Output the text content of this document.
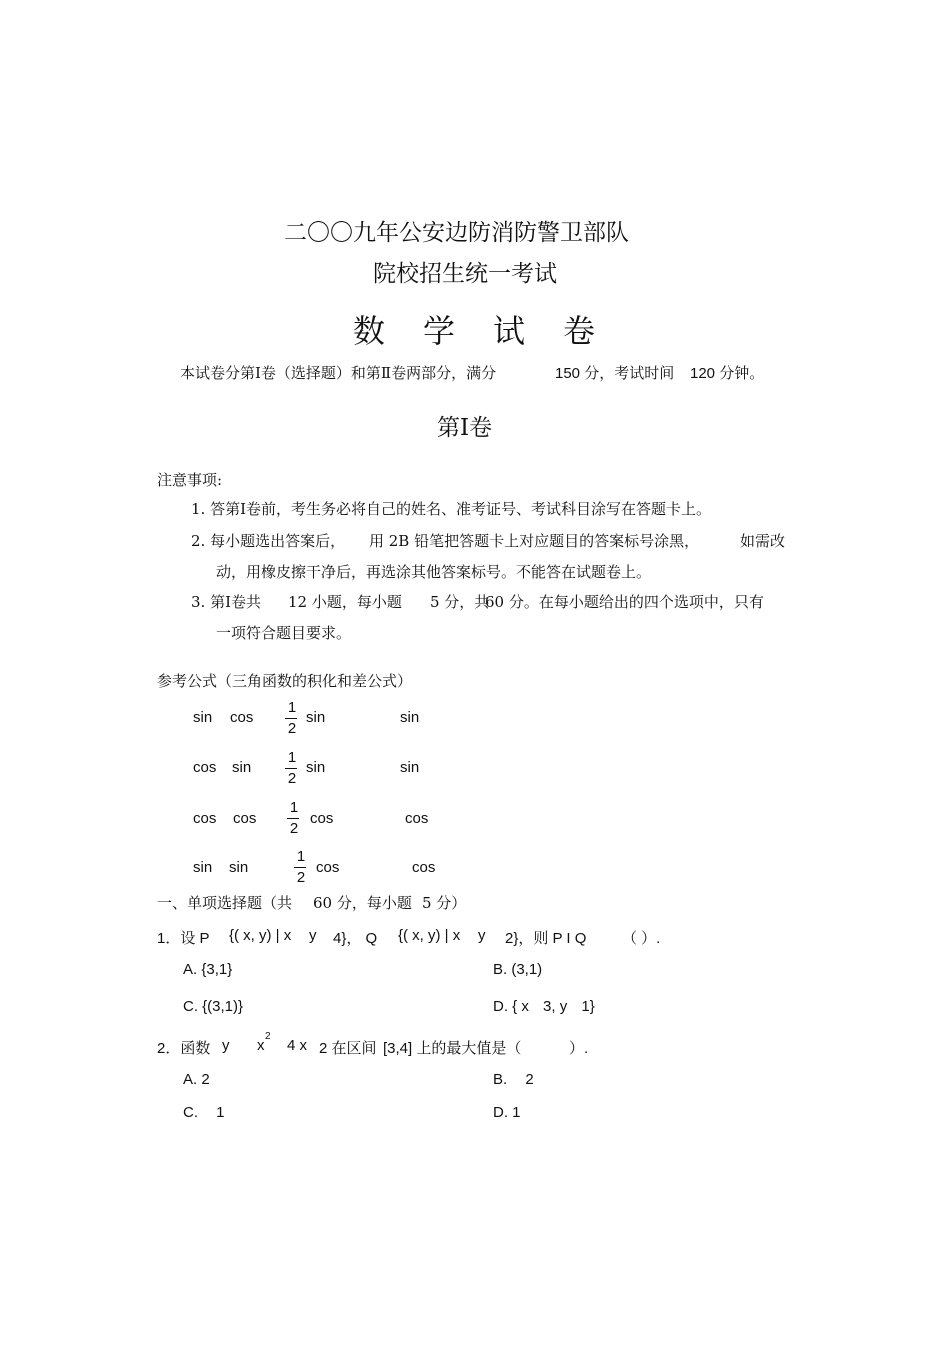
二〇〇九年公安边防消防警卫部队
院校招生统一考试
数 学 试 卷
本试卷分第Ⅰ卷（选择题）和第Ⅱ卷两部分，满分	150 分，考试时间 120 分钟。
第Ⅰ卷
注意事项:
1. 答第Ⅰ卷前，考生务必将自己的姓名、准考证号、考试科目涂写在答题卡上。
2. 每小题选出答案后， 用 2B 铅笔把答题卡上对应题目的答案标号涂黑，	如需改
动，用橡皮擦干净后，再选涂其他答案标号。不能答在试题卷上。
3. 第Ⅰ卷共 12 小题，每小题 5 分，共
60 分。在每小题给出的四个选项中，只有
一项符合题目要求。
参考公式（三角函数的积化和差公式）
sin cos
1
2
sin	sin
cos sin
1
2
sin	sin
cos cos
1
2
cos	cos
sin sin
1
2
cos	cos
一、单项选择题（共 60 分，每小题 5 分）
1．设 P {( x, y) | x y 4}， Q {( x, y) | x y 2}，则 P I Q （ ）.
A. {3,1}	B. (3,1)
C. {(3,1)}	D. { x 3, y 1}
2．函数 y x
2
4 x 2 在区间 [3,4] 上的最大值是（	）.
A. 2	B. 2
C. 1	D. 1
